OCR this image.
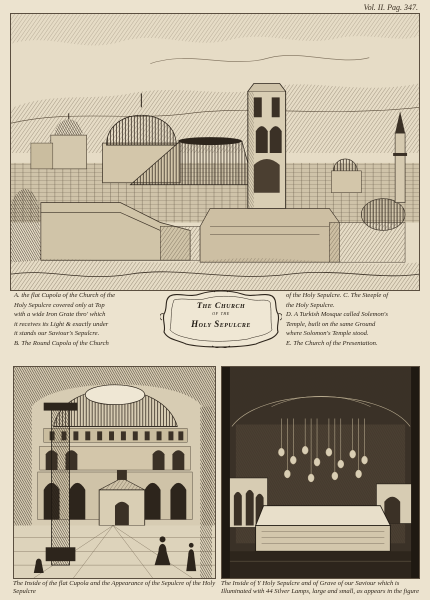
Vol. II. Pag. 347.
A. the flat Cupola of the Church of the
Holy Sepulcre covered only at Top
with a wide Iron Grate thro' which
it receives its Light & exactly under
it stands our Saviour's Sepulcre.
B. The Round Cupola of the Church
The Church
of the
Holy Sepulcre
of the Holy Sepulcre. C. The Steeple of
the Holy Sepulcre.
D. A Turkish Mosque called Solemon's
Temple, built on the same Ground
where Solomon's Temple stood.
E. The Church of the Presentation.
The Inside of the flat Cupola and the Appearance of the Sepulcre of the Holy Sepulcre
The Inside of Y Holy Sepulcre and of Grave of our Saviour which is Illuminated with 44 Silver Lamps, large and small, as appears in the figure
